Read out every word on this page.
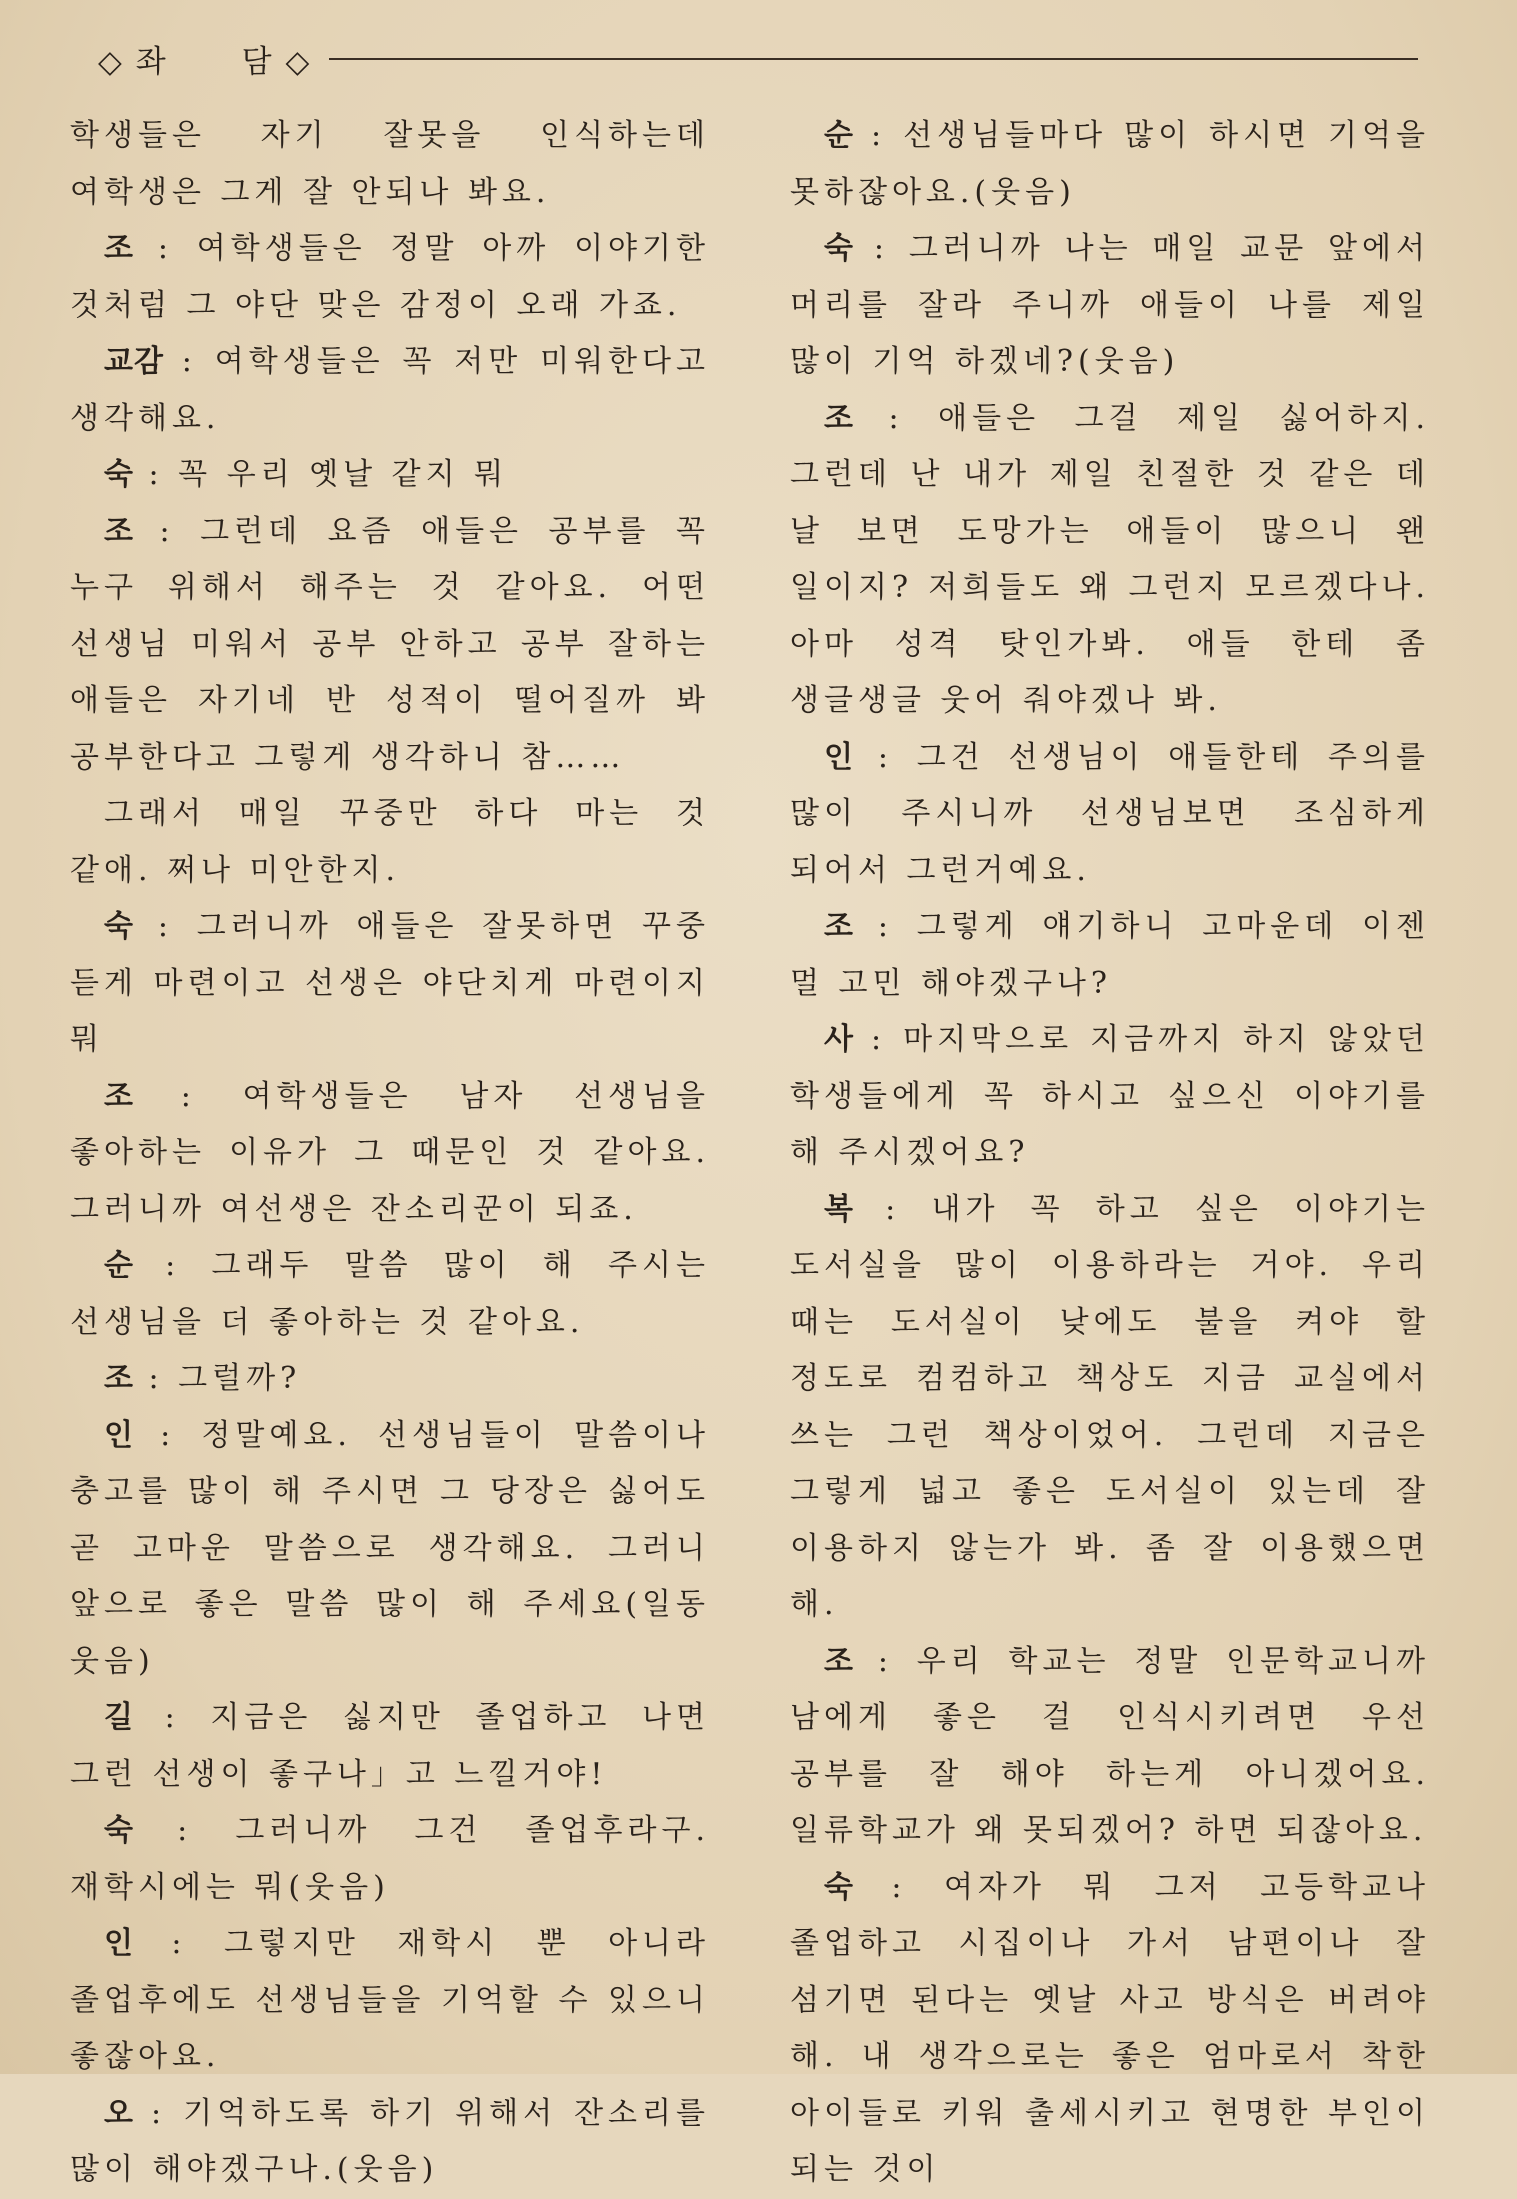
◇ 좌 담 ◇

학생들은 자기 잘못을 인식하는데 여학생은 그게 잘 안되나 봐요.

조 : 여학생들은 정말 아까 이야기한 것처럼 그 야단 맞은 감정이 오래 가죠.

교감 : 여학생들은 꼭 저만 미워한다고 생각해요.

숙 : 꼭 우리 옛날 같지 뭐

조 : 그런데 요즘 애들은 공부를 꼭 누구 위해서 해주는 것 같아요. 어떤 선생님 미워서 공부 안하고 공부 잘하는 애들은 자기네 반 성적이 떨어질까 봐 공부한다고 그렇게 생각하니 참……

그래서 매일 꾸중만 하다 마는 것 같애. 쩌나 미안한지.

숙 : 그러니까 애들은 잘못하면 꾸중 듣게 마련이고 선생은 야단치게 마련이지 뭐

조 : 여학생들은 남자 선생님을 좋아하는 이유가 그 때문인 것 같아요. 그러니까 여선생은 잔소리꾼이 되죠.

순 : 그래두 말씀 많이 해 주시는 선생님을 더 좋아하는 것 같아요.

조 : 그럴까?

인 : 정말예요. 선생님들이 말씀이나 충고를 많이 해 주시면 그 당장은 싫어도 곧 고마운 말씀으로 생각해요. 그러니 앞으로 좋은 말씀 많이 해 주세요(일동 웃음)

길 : 지금은 싫지만 졸업하고 나면 그런 선생이 좋구나」고 느낄거야!

숙 : 그러니까 그건 졸업후라구. 재학시에는 뭐(웃음)

인 : 그렇지만 재학시 뿐 아니라 졸업후에도 선생님들을 기억할 수 있으니 좋잖아요.

오 : 기억하도록 하기 위해서 잔소리를 많이 해야겠구나.(웃음)

순 : 선생님들마다 많이 하시면 기억을 못하잖아요.(웃음)

숙 : 그러니까 나는 매일 교문 앞에서 머리를 잘라 주니까 애들이 나를 제일 많이 기억 하겠네?(웃음)

조 : 애들은 그걸 제일 싫어하지. 그런데 난 내가 제일 친절한 것 같은 데 날 보면 도망가는 애들이 많으니 왠 일이지? 저희들도 왜 그런지 모르겠다나. 아마 성격 탓인가봐. 애들 한테 좀 생글생글 웃어 줘야겠나 봐.

인 : 그건 선생님이 애들한테 주의를 많이 주시니까 선생님보면 조심하게 되어서 그런거예요.

조 : 그렇게 얘기하니 고마운데 이젠 멀 고민 해야겠구나?

사 : 마지막으로 지금까지 하지 않았던 학생들에게 꼭 하시고 싶으신 이야기를 해 주시겠어요?

복 : 내가 꼭 하고 싶은 이야기는 도서실을 많이 이용하라는 거야. 우리 때는 도서실이 낮에도 불을 켜야 할 정도로 컴컴하고 책상도 지금 교실에서 쓰는 그런 책상이었어. 그런데 지금은 그렇게 넓고 좋은 도서실이 있는데 잘 이용하지 않는가 봐. 좀 잘 이용했으면 해.

조 : 우리 학교는 정말 인문학교니까 남에게 좋은 걸 인식시키려면 우선 공부를 잘 해야 하는게 아니겠어요. 일류학교가 왜 못되겠어? 하면 되잖아요.

숙 : 여자가 뭐 그저 고등학교나 졸업하고 시집이나 가서 남편이나 잘 섬기면 된다는 옛날 사고 방식은 버려야 해. 내 생각으로는 좋은 엄마로서 착한 아이들로 키워 출세시키고 현명한 부인이 되는 것이
